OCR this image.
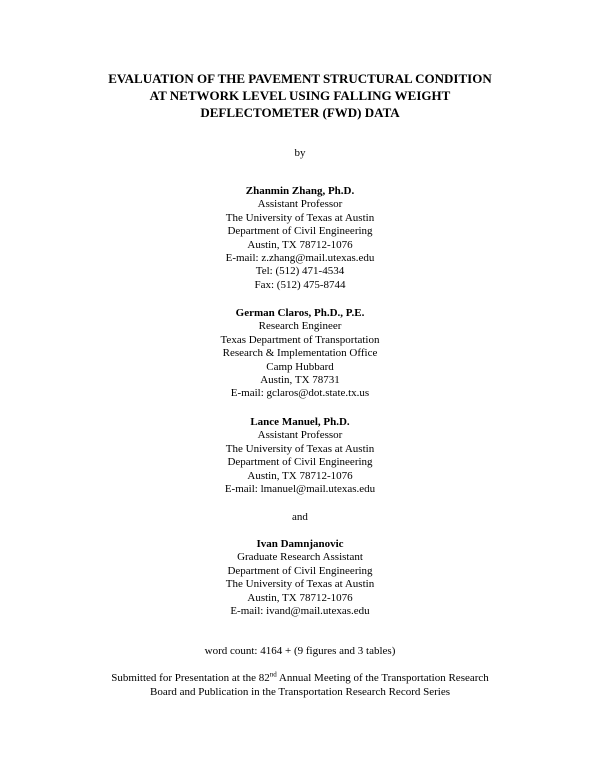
EVALUATION OF THE PAVEMENT STRUCTURAL CONDITION
AT NETWORK LEVEL USING FALLING WEIGHT
DEFLECTOMETER (FWD) DATA
by
Zhanmin Zhang, Ph.D.
Assistant Professor
The University of Texas at Austin
Department of Civil Engineering
Austin, TX 78712-1076
E-mail: z.zhang@mail.utexas.edu
Tel: (512) 471-4534
Fax: (512) 475-8744
German Claros, Ph.D., P.E.
Research Engineer
Texas Department of Transportation
Research & Implementation Office
Camp Hubbard
Austin, TX 78731
E-mail: gclaros@dot.state.tx.us
Lance Manuel, Ph.D.
Assistant Professor
The University of Texas at Austin
Department of Civil Engineering
Austin, TX 78712-1076
E-mail: lmanuel@mail.utexas.edu
and
Ivan Damnjanovic
Graduate Research Assistant
Department of Civil Engineering
The University of Texas at Austin
Austin, TX 78712-1076
E-mail: ivand@mail.utexas.edu
word count: 4164 + (9 figures and 3 tables)
Submitted for Presentation at the 82nd Annual Meeting of the Transportation Research
Board and Publication in the Transportation Research Record Series
